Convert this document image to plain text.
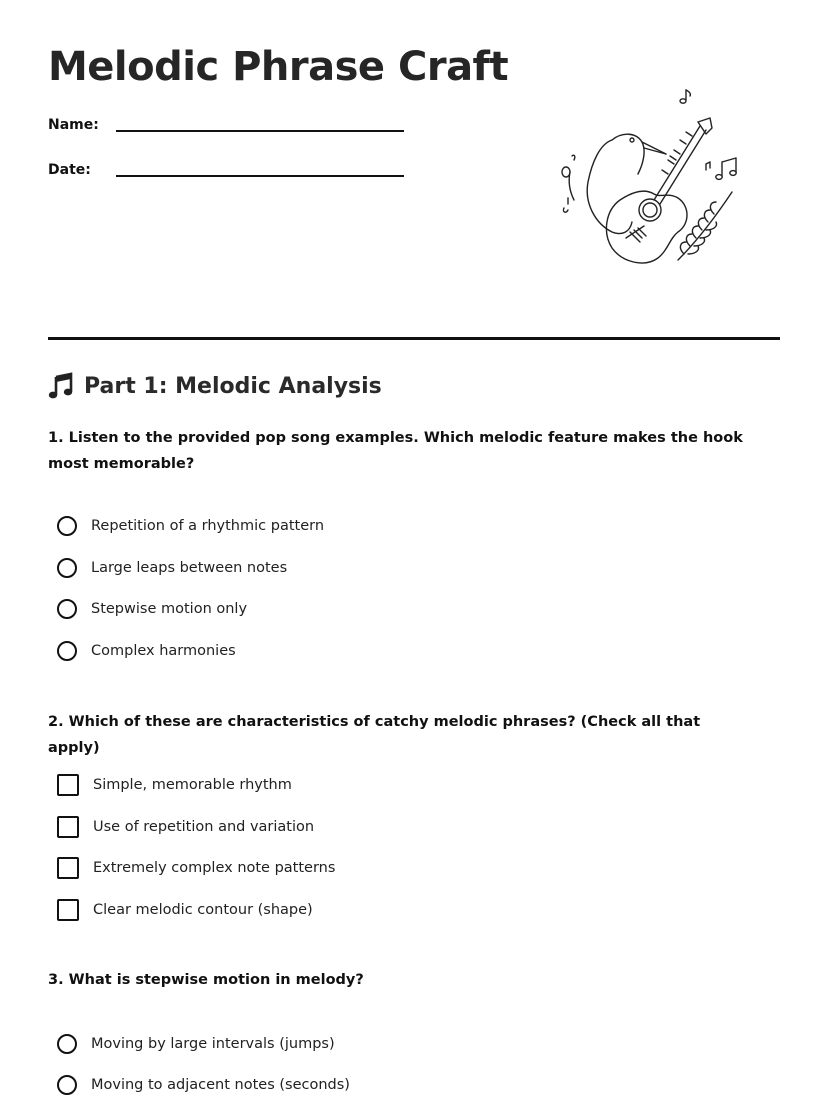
Melodic Phrase Craft
Name:
Date:
Part 1: Melodic Analysis
1. Listen to the provided pop song examples. Which melodic feature makes the hook most memorable?
Repetition of a rhythmic pattern
Large leaps between notes
Stepwise motion only
Complex harmonies
2. Which of these are characteristics of catchy melodic phrases? (Check all that apply)
Simple, memorable rhythm
Use of repetition and variation
Extremely complex note patterns
Clear melodic contour (shape)
3. What is stepwise motion in melody?
Moving by large intervals (jumps)
Moving to adjacent notes (seconds)
